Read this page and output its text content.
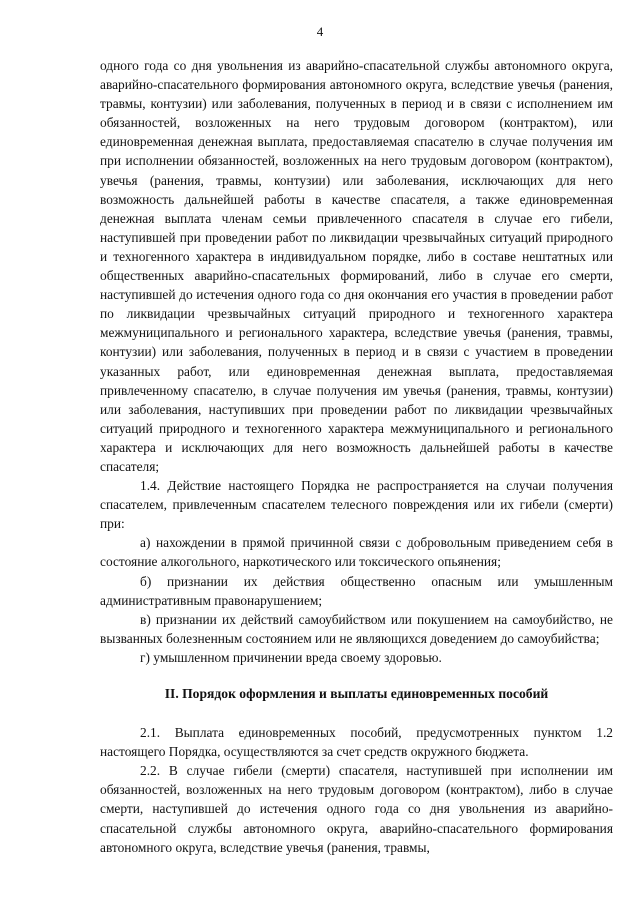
4

одного года со дня увольнения из аварийно-спасательной службы автономного округа, аварийно-спасательного формирования автономного округа, вследствие увечья (ранения, травмы, контузии) или заболевания, полученных в период и в связи с исполнением им обязанностей, возложенных на него трудовым договором (контрактом), или единовременная денежная выплата, предоставляемая спасателю в случае получения им при исполнении обязанностей, возложенных на него трудовым договором (контрактом), увечья (ранения, травмы, контузии) или заболевания, исключающих для него возможность дальнейшей работы в качестве спасателя, а также единовременная денежная выплата членам семьи привлеченного спасателя в случае его гибели, наступившей при проведении работ по ликвидации чрезвычайных ситуаций природного и техногенного характера в индивидуальном порядке, либо в составе нештатных или общественных аварийно-спасательных формирований, либо в случае его смерти, наступившей до истечения одного года со дня окончания его участия в проведении работ по ликвидации чрезвычайных ситуаций природного и техногенного характера межмуниципального и регионального характера, вследствие увечья (ранения, травмы, контузии) или заболевания, полученных в период и в связи с участием в проведении указанных работ, или единовременная денежная выплата, предоставляемая привлеченному спасателю, в случае получения им увечья (ранения, травмы, контузии) или заболевания, наступивших при проведении работ по ликвидации чрезвычайных ситуаций природного и техногенного характера межмуниципального и регионального характера и исключающих для него возможность дальнейшей работы в качестве спасателя;

1.4. Действие настоящего Порядка не распространяется на случаи получения спасателем, привлеченным спасателем телесного повреждения или их гибели (смерти) при:

а) нахождении в прямой причинной связи с добровольным приведением себя в состояние алкогольного, наркотического или токсического опьянения;

б) признании их действия общественно опасным или умышленным административным правонарушением;

в) признании их действий самоубийством или покушением на самоубийство, не вызванных болезненным состоянием или не являющихся доведением до самоубийства;

г) умышленном причинении вреда своему здоровью.

II. Порядок оформления и выплаты единовременных пособий

2.1. Выплата единовременных пособий, предусмотренных пунктом 1.2 настоящего Порядка, осуществляются за счет средств окружного бюджета.

2.2. В случае гибели (смерти) спасателя, наступившей при исполнении им обязанностей, возложенных на него трудовым договором (контрактом), либо в случае смерти, наступившей до истечения одного года со дня увольнения из аварийно-спасательной службы автономного округа, аварийно-спасательного формирования автономного округа, вследствие увечья (ранения, травмы,
